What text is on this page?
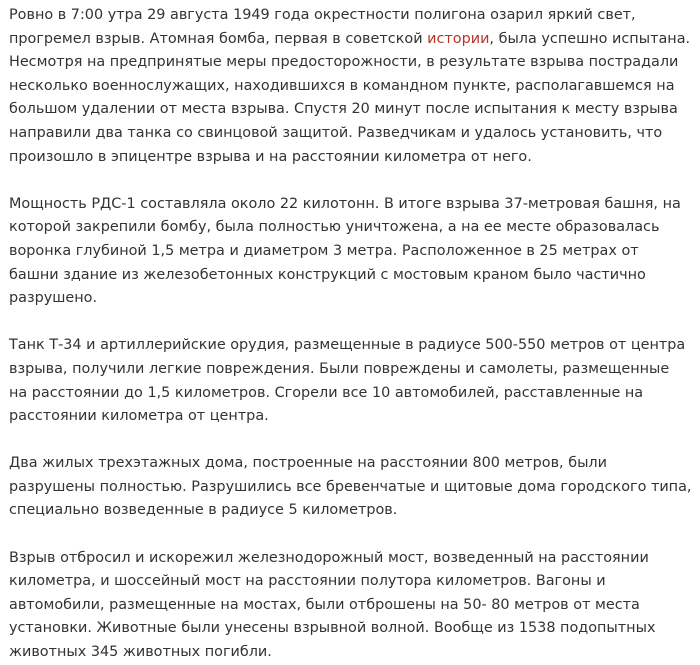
Ровно в 7:00 утра 29 августа 1949 года окрестности полигона озарил яркий свет, прогремел взрыв. Атомная бомба, первая в советской истории, была успешно испытана. Несмотря на предпринятые меры предосторожности, в результате взрыва пострадали несколько военнослужащих, находившихся в командном пункте, располагавшемся на большом удалении от места взрыва. Спустя 20 минут после испытания к месту взрыва направили два танка со свинцовой защитой. Разведчикам и удалось установить, что произошло в эпицентре взрыва и на расстоянии километра от него.

Мощность РДС-1 составляла около 22 килотонн. В итоге взрыва 37-метровая башня, на которой закрепили бомбу, была полностью уничтожена, а на ее месте образовалась воронка глубиной 1,5 метра и диаметром 3 метра. Расположенное в 25 метрах от башни здание из железобетонных конструкций с мостовым краном было частично разрушено.

Танк Т-34 и артиллерийские орудия, размещенные в радиусе 500-550 метров от центра взрыва, получили легкие повреждения. Были повреждены и самолеты, размещенные на расстоянии до 1,5 километров. Сгорели все 10 автомобилей, расставленные на расстоянии километра от центра.

Два жилых трехэтажных дома, построенные на расстоянии 800 метров, были разрушены полностью. Разрушились все бревенчатые и щитовые дома городского типа, специально возведенные в радиусе 5 километров.

Взрыв отбросил и искорежил железнодорожный мост, возведенный на расстоянии километра, и шоссейный мост на расстоянии полутора километров. Вагоны и автомобили, размещенные на мостах, были отброшены на 50- 80 метров от места установки. Животные были унесены взрывной волной. Вообще из 1538 подопытных животных 345 животных погибли.
